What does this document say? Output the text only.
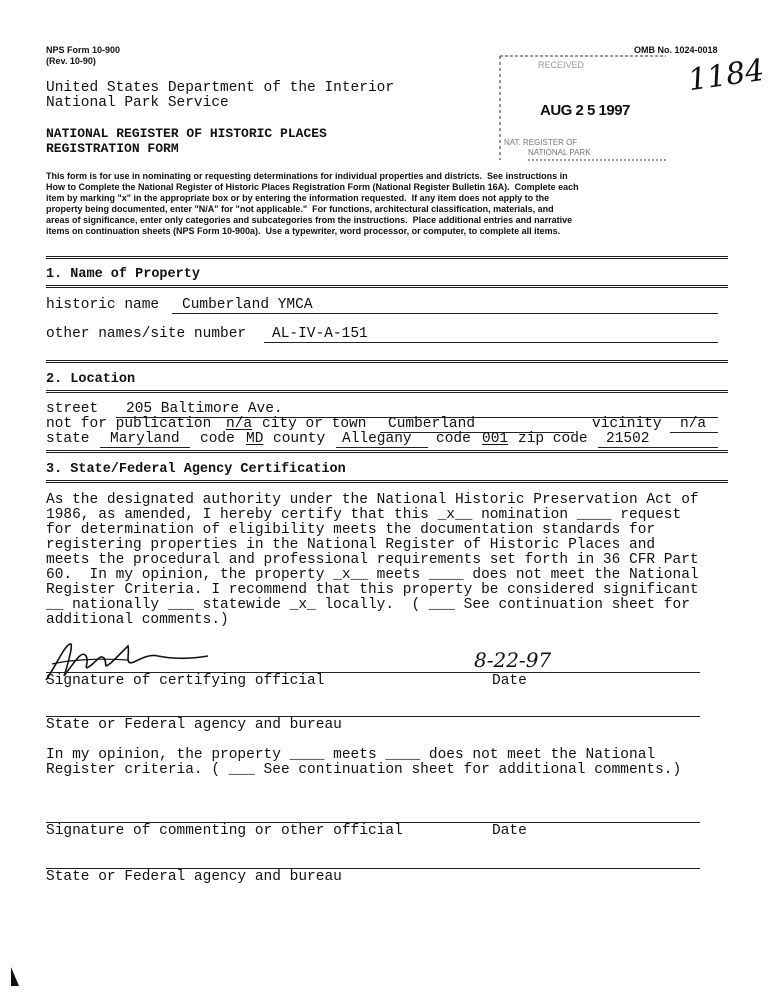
NPS Form 10-900
(Rev. 10-90)
OMB No. 1024-0018
United States Department of the Interior
National Park Service
NATIONAL REGISTER OF HISTORIC PLACES
REGISTRATION FORM
RECEIVED
AUG 2 5 1997
NAT. REGISTER OF
NATIONAL PARK
1184
This form is for use in nominating or requesting determinations for individual properties and districts.  See instructions in
How to Complete the National Register of Historic Places Registration Form (National Register Bulletin 16A).  Complete each
item by marking "x" in the appropriate box or by entering the information requested.  If any item does not apply to the
property being documented, enter "N/A" for "not applicable."  For functions, architectural classification, materials, and
areas of significance, enter only categories and subcategories from the instructions.  Place additional entries and narrative
items on continuation sheets (NPS Form 10-900a).  Use a typewriter, word processor, or computer, to complete all items.
1. Name of Property
historic name Cumberland YMCA
other names/site number AL-IV-A-151
2. Location
street 205 Baltimore Ave.
not for publication n/a city or town Cumberland	vicinity n/a
state Maryland code MD county Allegany code 001 zip code 21502
3. State/Federal Agency Certification
As the designated authority under the National Historic Preservation Act of
1986, as amended, I hereby certify that this _x__ nomination ____ request
for determination of eligibility meets the documentation standards for
registering properties in the National Register of Historic Places and
meets the procedural and professional requirements set forth in 36 CFR Part
60.  In my opinion, the property _x__ meets ____ does not meet the National
Register Criteria. I recommend that this property be considered significant
__ nationally ___ statewide _x_ locally.  ( ___ See continuation sheet for
additional comments.)
8-22-97
Signature of certifying official	Date
State or Federal agency and bureau
In my opinion, the property ____ meets ____ does not meet the National
Register criteria. ( ___ See continuation sheet for additional comments.)
Signature of commenting or other official	Date
State or Federal agency and bureau
